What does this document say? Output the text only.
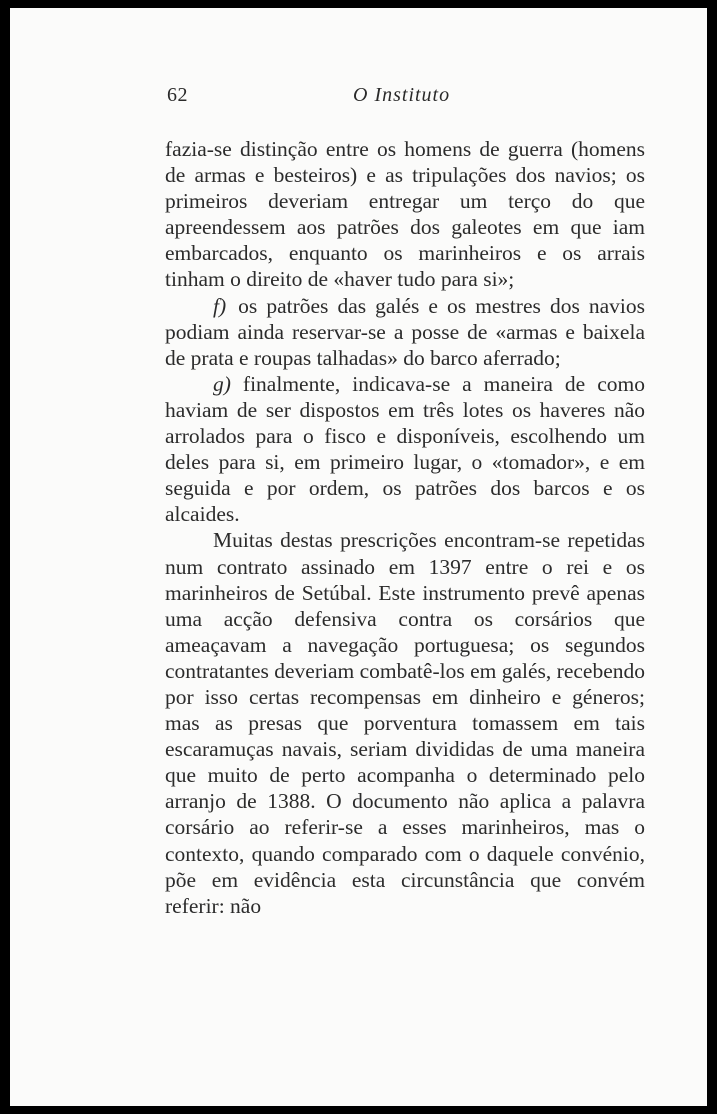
62	O Instituto

fazia-se distinção entre os homens de guerra (homens de armas e besteiros) e as tripulações dos navios; os primeiros deveriam entregar um terço do que apreendessem aos patrões dos galeotes em que iam embarcados, enquanto os marinheiros e os arrais tinham o direito de «haver tudo para si»;

f) os patrões das galés e os mestres dos navios podiam ainda reservar-se a posse de «armas e baixela de prata e roupas talhadas» do barco aferrado;

g) finalmente, indicava-se a maneira de como haviam de ser dispostos em três lotes os haveres não arrolados para o fisco e disponíveis, escolhendo um deles para si, em primeiro lugar, o «tomador», e em seguida e por ordem, os patrões dos barcos e os alcaides.

Muitas destas prescrições encontram-se repetidas num contrato assinado em 1397 entre o rei e os marinheiros de Setúbal. Este instrumento prevê apenas uma acção defensiva contra os corsários que ameaçavam a navegação portuguesa; os segundos contratantes deveriam combatê-los em galés, recebendo por isso certas recompensas em dinheiro e géneros; mas as presas que porventura tomassem em tais escaramuças navais, seriam divididas de uma maneira que muito de perto acompanha o determinado pelo arranjo de 1388. O documento não aplica a palavra corsário ao referir-se a esses marinheiros, mas o contexto, quando comparado com o daquele convénio, põe em evidência esta circunstância que convém referir: não
